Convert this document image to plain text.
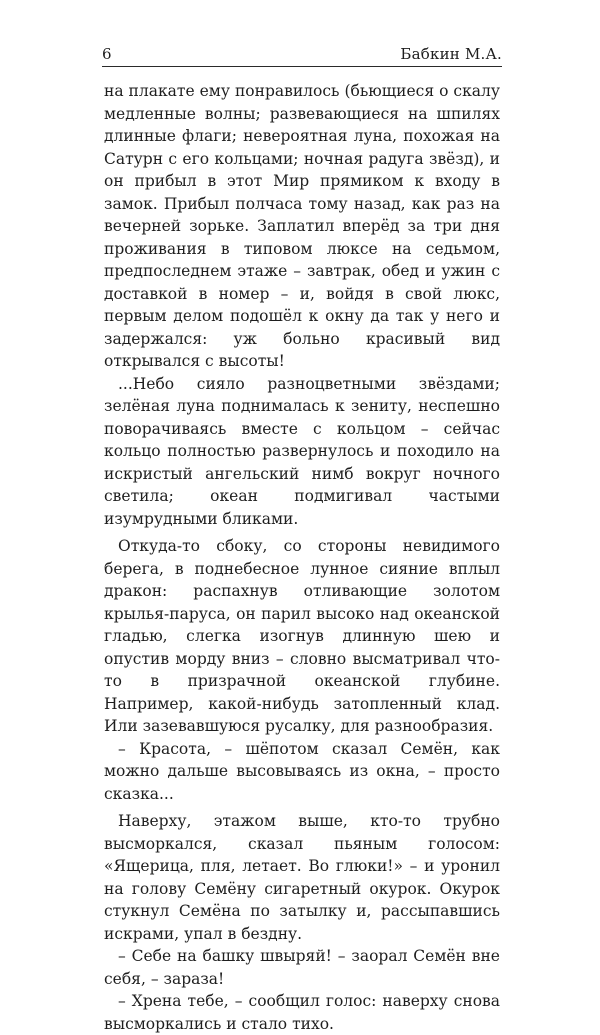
6	Бабкин М.А.

на плакате ему понравилось (бьющиеся о скалу медленные волны; развевающиеся на шпилях длинные флаги; невероятная луна, похожая на Сатурн с его кольцами; ночная радуга звёзд), и он прибыл в этот Мир прямиком к входу в замок. Прибыл полчаса тому назад, как раз на вечерней зорьке. Заплатил вперёд за три дня проживания в типовом люксе на седьмом, предпоследнем этаже – завтрак, обед и ужин с доставкой в номер – и, войдя в свой люкс, первым делом подошёл к окну да так у него и задержался: уж больно красивый вид открывался с высоты!

...Небо сияло разноцветными звёздами; зелёная луна поднималась к зениту, неспешно поворачиваясь вместе с кольцом – сейчас кольцо полностью развернулось и походило на искристый ангельский нимб вокруг ночного светила; океан подмигивал частыми изумрудными бликами.

Откуда-то сбоку, со стороны невидимого берега, в поднебесное лунное сияние вплыл дракон: распахнув отливающие золотом крылья-паруса, он парил высоко над океанской гладью, слегка изогнув длинную шею и опустив морду вниз – словно высматривал что-то в призрачной океанской глубине. Например, какой-нибудь затопленный клад. Или зазевавшуюся русалку, для разнообразия.

– Красота, – шёпотом сказал Семён, как можно дальше высовываясь из окна, – просто сказка...

Наверху, этажом выше, кто-то трубно высморкался, сказал пьяным голосом: «Ящерица, пля, летает. Во глюки!» – и уронил на голову Семёну сигаретный окурок. Окурок стукнул Семёна по затылку и, рассыпавшись искрами, упал в бездну.

– Себе на башку швыряй! – заорал Семён вне себя, – зараза!

– Хрена тебе, – сообщил голос: наверху снова высморкались и стало тихо.
